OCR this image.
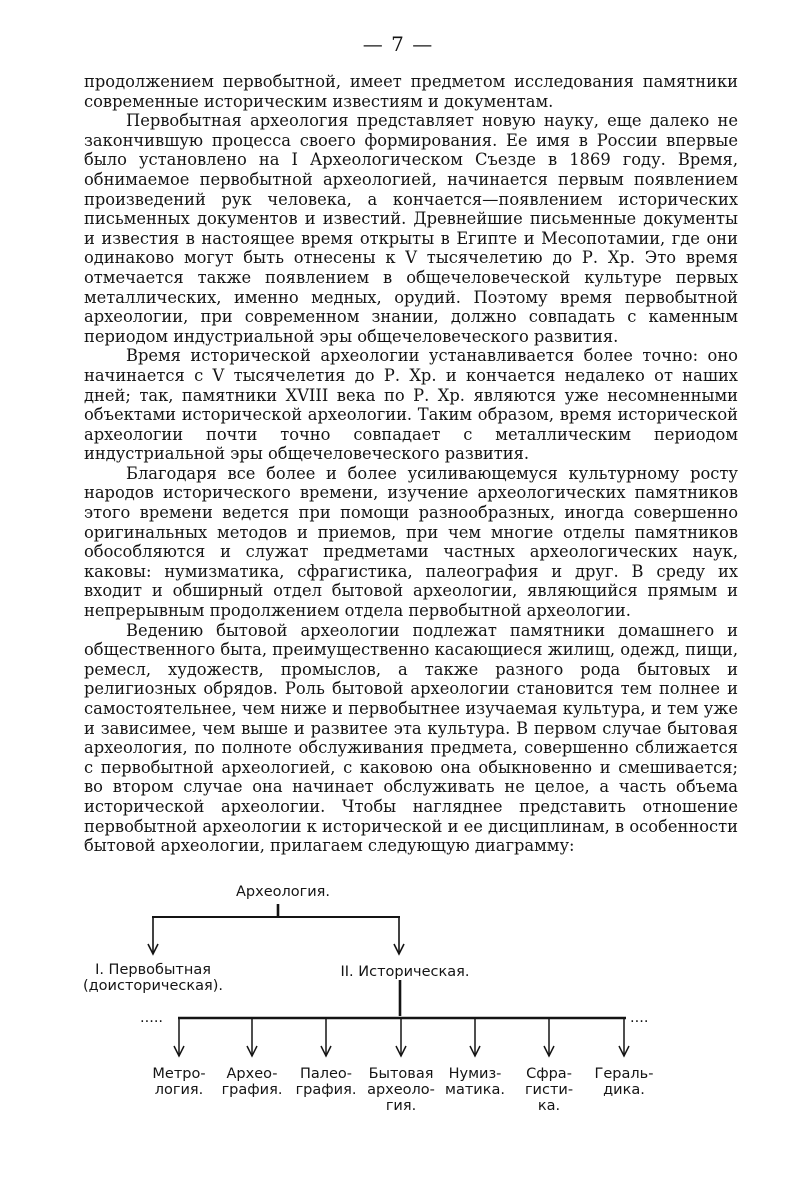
— 7 —

продолжением первобытной, имеет предметом исследования памятники современные историческим известиям и документам.

Первобытная археология представляет новую науку, еще далеко не закончившую процесса своего формирования. Ее имя в России впервые было установлено на I Археологическом Съезде в 1869 году. Время, обнимаемое первобытной археологией, начинается первым появлением произведений рук человека, а кончается—появлением исторических письменных документов и известий. Древнейшие письменные документы и известия в настоящее время открыты в Египте и Месопотамии, где они одинаково могут быть отнесены к V тысячелетию до Р. Хр. Это время отмечается также появлением в общечеловеческой культуре первых металлических, именно медных, орудий. Поэтому время первобытной археологии, при современном знании, должно совпадать с каменным периодом индустриальной эры общечеловеческого развития.

Время исторической археологии устанавливается более точно: оно начинается с V тысячелетия до Р. Хр. и кончается недалеко от наших дней; так, памятники XVIII века по Р. Хр. являются уже несомненными объектами исторической археологии. Таким образом, время исторической археологии почти точно совпадает с металлическим периодом индустриальной эры общечеловеческого развития.

Благодаря все более и более усиливающемуся культурному росту народов исторического времени, изучение археологических памятников этого времени ведется при помощи разнообразных, иногда совершенно оригинальных методов и приемов, при чем многие отделы памятников обособляются и служат предметами частных археологических наук, каковы: нумизматика, сфрагистика, палеография и друг. В среду их входит и обширный отдел бытовой археологии, являющийся прямым и непрерывным продолжением отдела первобытной археологии.

Ведению бытовой археологии подлежат памятники домашнего и общественного быта, преимущественно касающиеся жилищ, одежд, пищи, ремесл, художеств, промыслов, а также разного рода бытовых и религиозных обрядов. Роль бытовой археологии становится тем полнее и самостоятельнее, чем ниже и первобытнее изучаемая культура, и тем уже и зависимее, чем выше и развитее эта культура. В первом случае бытовая археология, по полноте обслуживания предмета, совершенно сближается с первобытной археологией, с каковою она обыкновенно и смешивается; во втором случае она начинает обслуживать не целое, а часть объема исторической археологии. Чтобы нагляднее представить отношение первобытной археологии к исторической и ее дисциплинам, в особенности бытовой археологии, прилагаем следующую диаграмму:

Археология.
I. Первобытная
(доисторическая).
II. Историческая.
.....	....
Метро-
логия.
Археo-
графия.
Палео-
графия.
Бытовая
археоло-
гия.
Нумиз-
матика.
Сфра-
гисти-
ка.
Гераль-
дика.
